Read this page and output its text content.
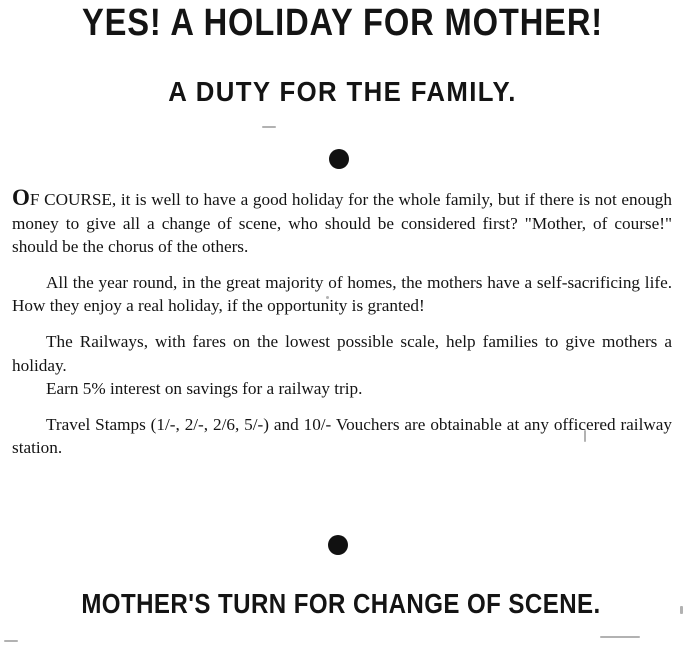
YES! A HOLIDAY FOR MOTHER!
A DUTY FOR THE FAMILY.

OF COURSE, it is well to have a good holiday for the whole family, but if there is not enough money to give all a change of scene, who should be considered first? "Mother, of course!" should be the chorus of the others.

All the year round, in the great majority of homes, the mothers have a self-sacrificing life. How they enjoy a real holiday, if the opportunity is granted!

The Railways, with fares on the lowest possible scale, help families to give mothers a holiday.

Earn 5% interest on savings for a railway trip.

Travel Stamps (1/-, 2/-, 2/6, 5/-) and 10/- Vouchers are obtainable at any officered railway station.

MOTHER'S TURN FOR CHANGE OF SCENE.
